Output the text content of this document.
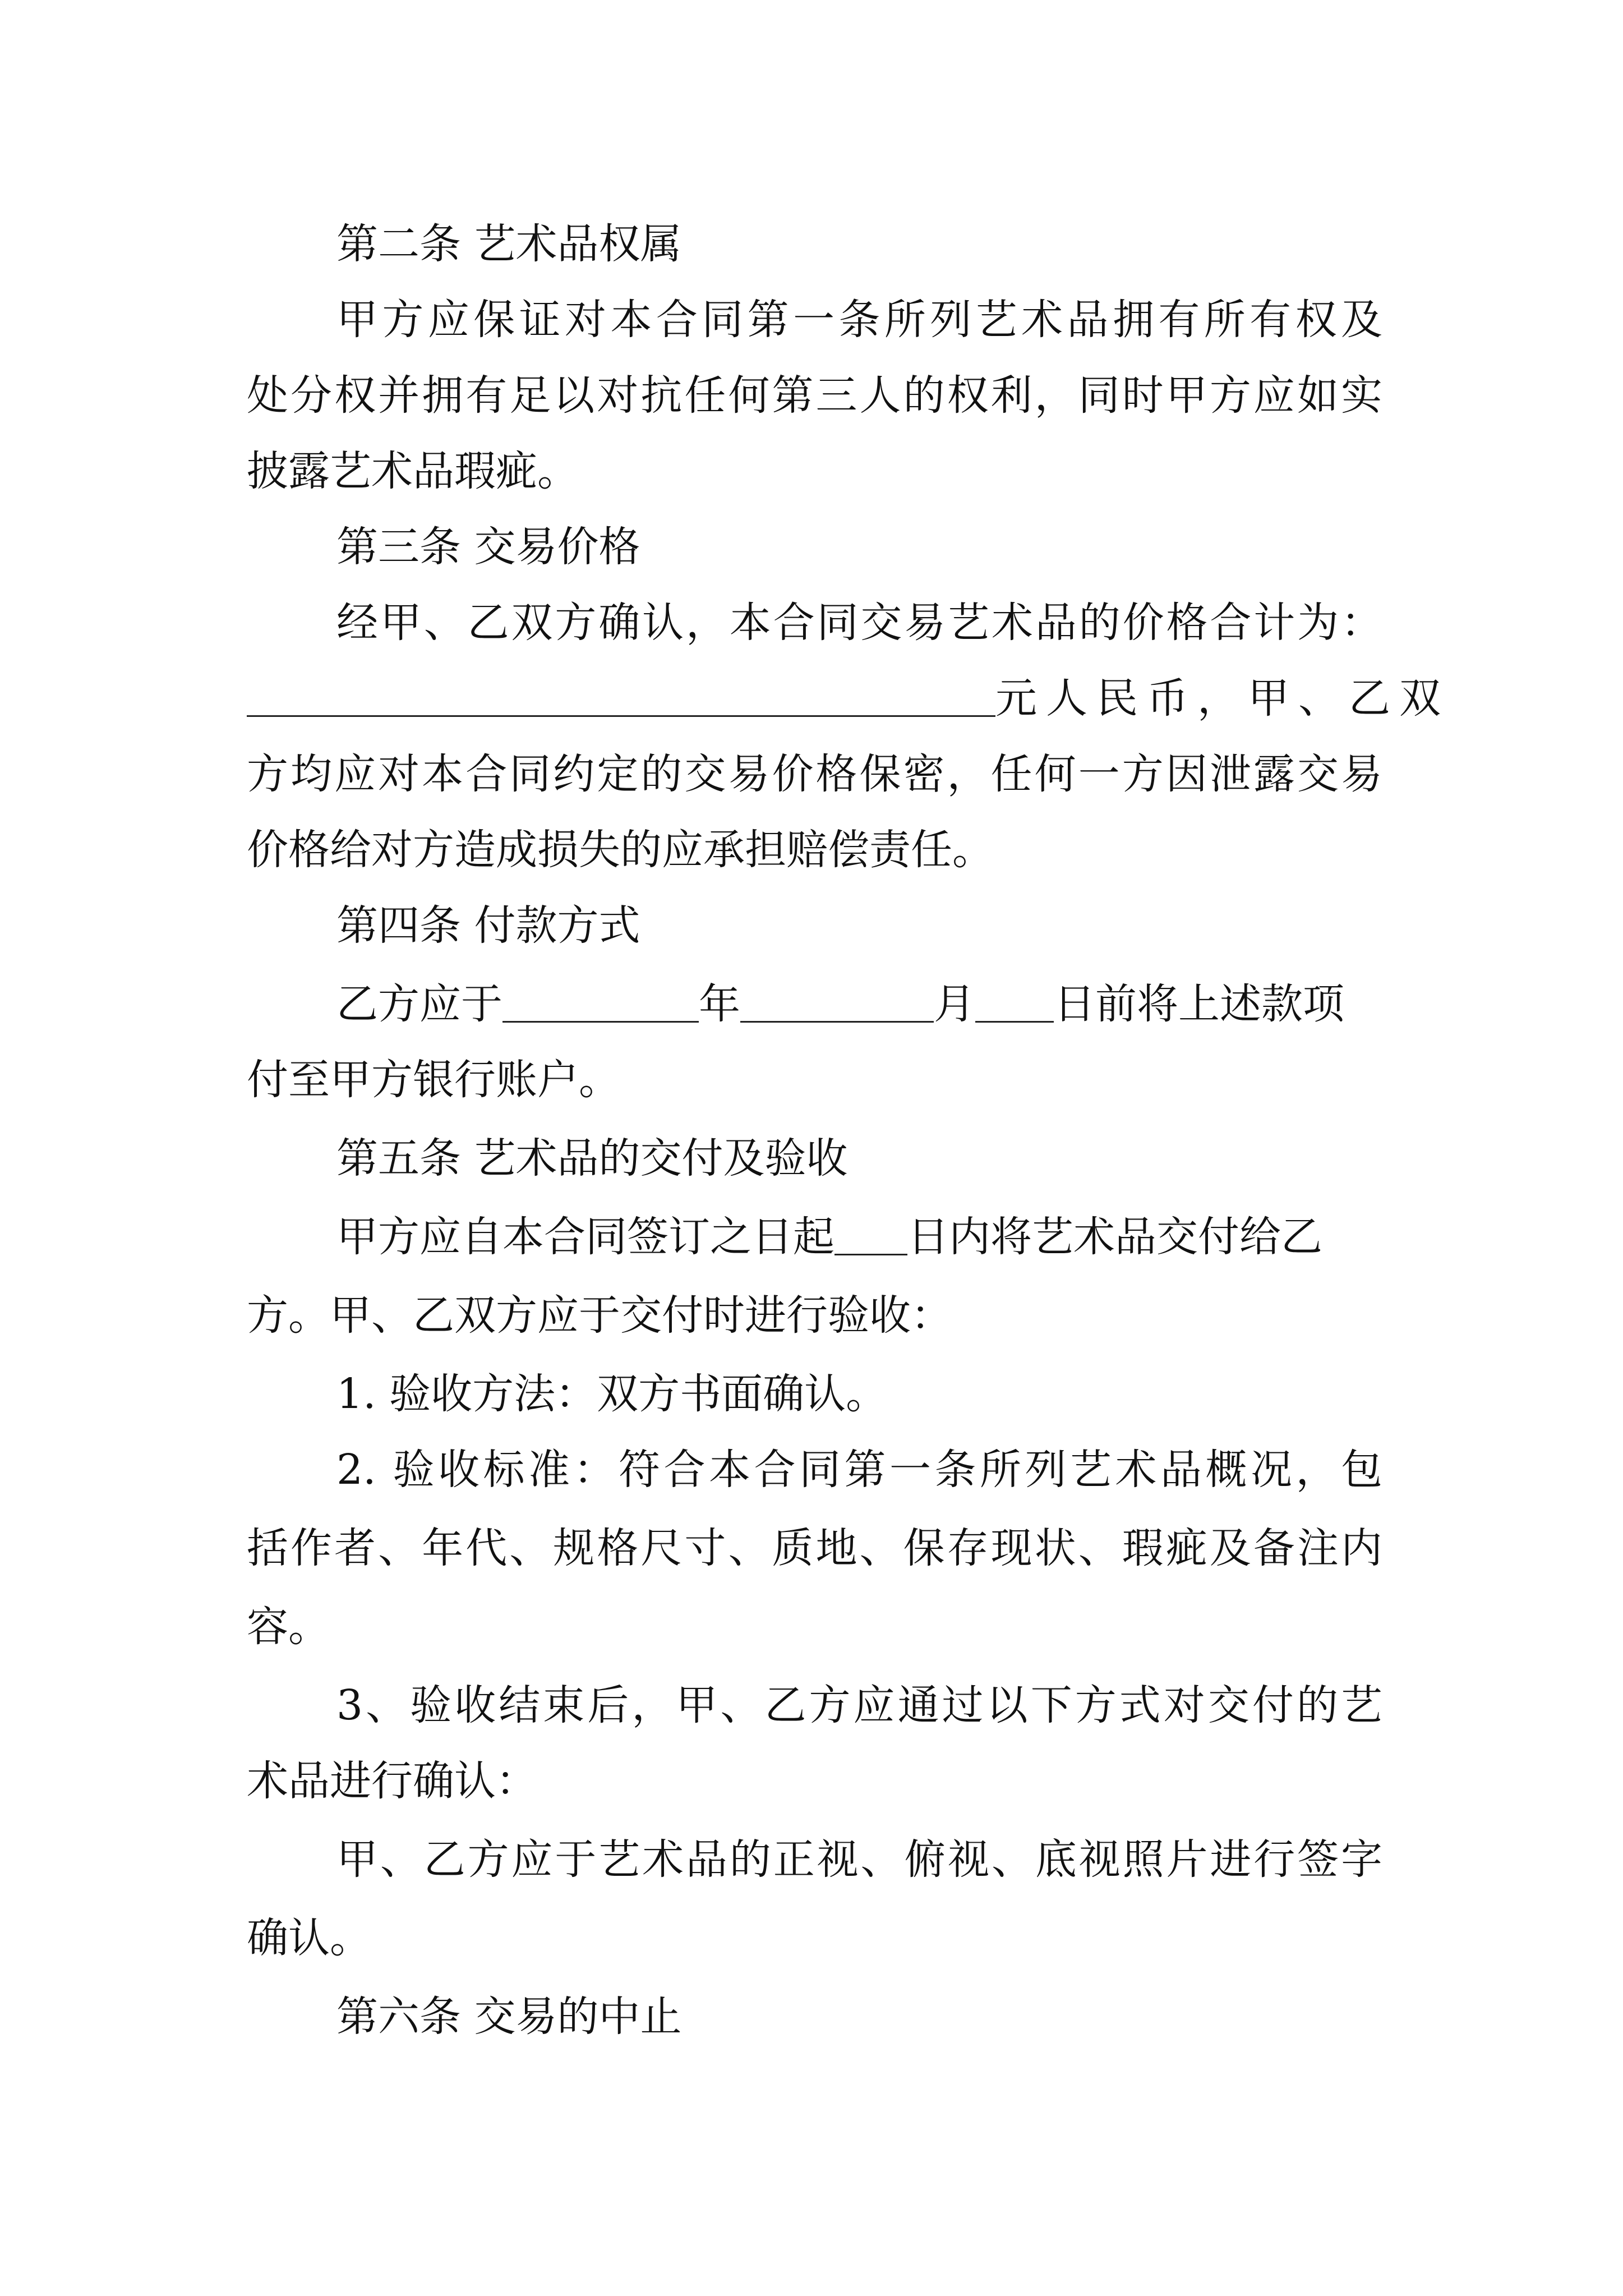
第二条 艺术品权属
甲方应保证对本合同第一条所列艺术品拥有所有权及
处分权并拥有足以对抗任何第三人的权利，同时甲方应如实
披露艺术品瑕疵。
第三条 交易价格
经甲、乙双方确认，本合同交易艺术品的价格合计为：
元人民币，甲、乙双
方均应对本合同约定的交易价格保密，任何一方因泄露交易
价格给对方造成损失的应承担赔偿责任。
第四条 付款方式
乙方应于	年	月 日前将上述款项
付至甲方银行账户。
第五条 艺术品的交付及验收
甲方应自本合同签订之日起 日内将艺术品交付给乙
方。甲、乙双方应于交付时进行验收：
1. 验收方法：双方书面确认。
2. 验收标准：符合本合同第一条所列艺术品概况，包
括作者、年代、规格尺寸、质地、保存现状、瑕疵及备注内
容。
3、验收结束后，甲、乙方应通过以下方式对交付的艺
术品进行确认：
甲、乙方应于艺术品的正视、俯视、底视照片进行签字
确认。
第六条 交易的中止
